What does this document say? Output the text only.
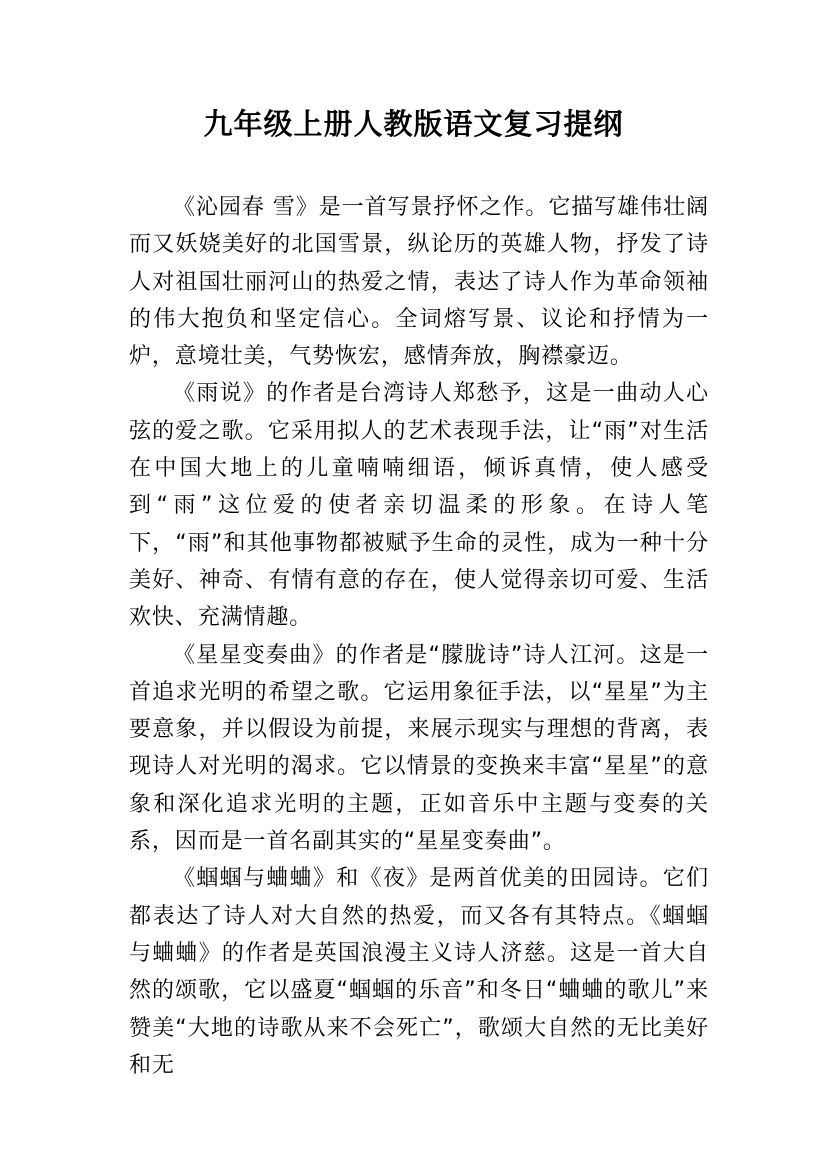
九年级上册人教版语文复习提纲

《沁园春 雪》是一首写景抒怀之作。它描写雄伟壮阔而又妖娆美好的北国雪景，纵论历的英雄人物，抒发了诗人对祖国壮丽河山的热爱之情，表达了诗人作为革命领袖的伟大抱负和坚定信心。全词熔写景、议论和抒情为一炉，意境壮美，气势恢宏，感情奔放，胸襟豪迈。

《雨说》的作者是台湾诗人郑愁予，这是一曲动人心弦的爱之歌。它采用拟人的艺术表现手法，让“雨”对生活在中国大地上的儿童喃喃细语，倾诉真情，使人感受到“雨”这位爱的使者亲切温柔的形象。在诗人笔下，“雨”和其他事物都被赋予生命的灵性，成为一种十分美好、神奇、有情有意的存在，使人觉得亲切可爱、生活欢快、充满情趣。

《星星变奏曲》的作者是“朦胧诗”诗人江河。这是一首追求光明的希望之歌。它运用象征手法，以“星星”为主要意象，并以假设为前提，来展示现实与理想的背离，表现诗人对光明的渴求。它以情景的变换来丰富“星星”的意象和深化追求光明的主题，正如音乐中主题与变奏的关系，因而是一首名副其实的“星星变奏曲”。

《蝈蝈与蛐蛐》和《夜》是两首优美的田园诗。它们都表达了诗人对大自然的热爱，而又各有其特点。《蝈蝈与蛐蛐》的作者是英国浪漫主义诗人济慈。这是一首大自然的颂歌，它以盛夏“蝈蝈的乐音”和冬日“蛐蛐的歌儿”来赞美“大地的诗歌从来不会死亡”，歌颂大自然的无比美好和无
